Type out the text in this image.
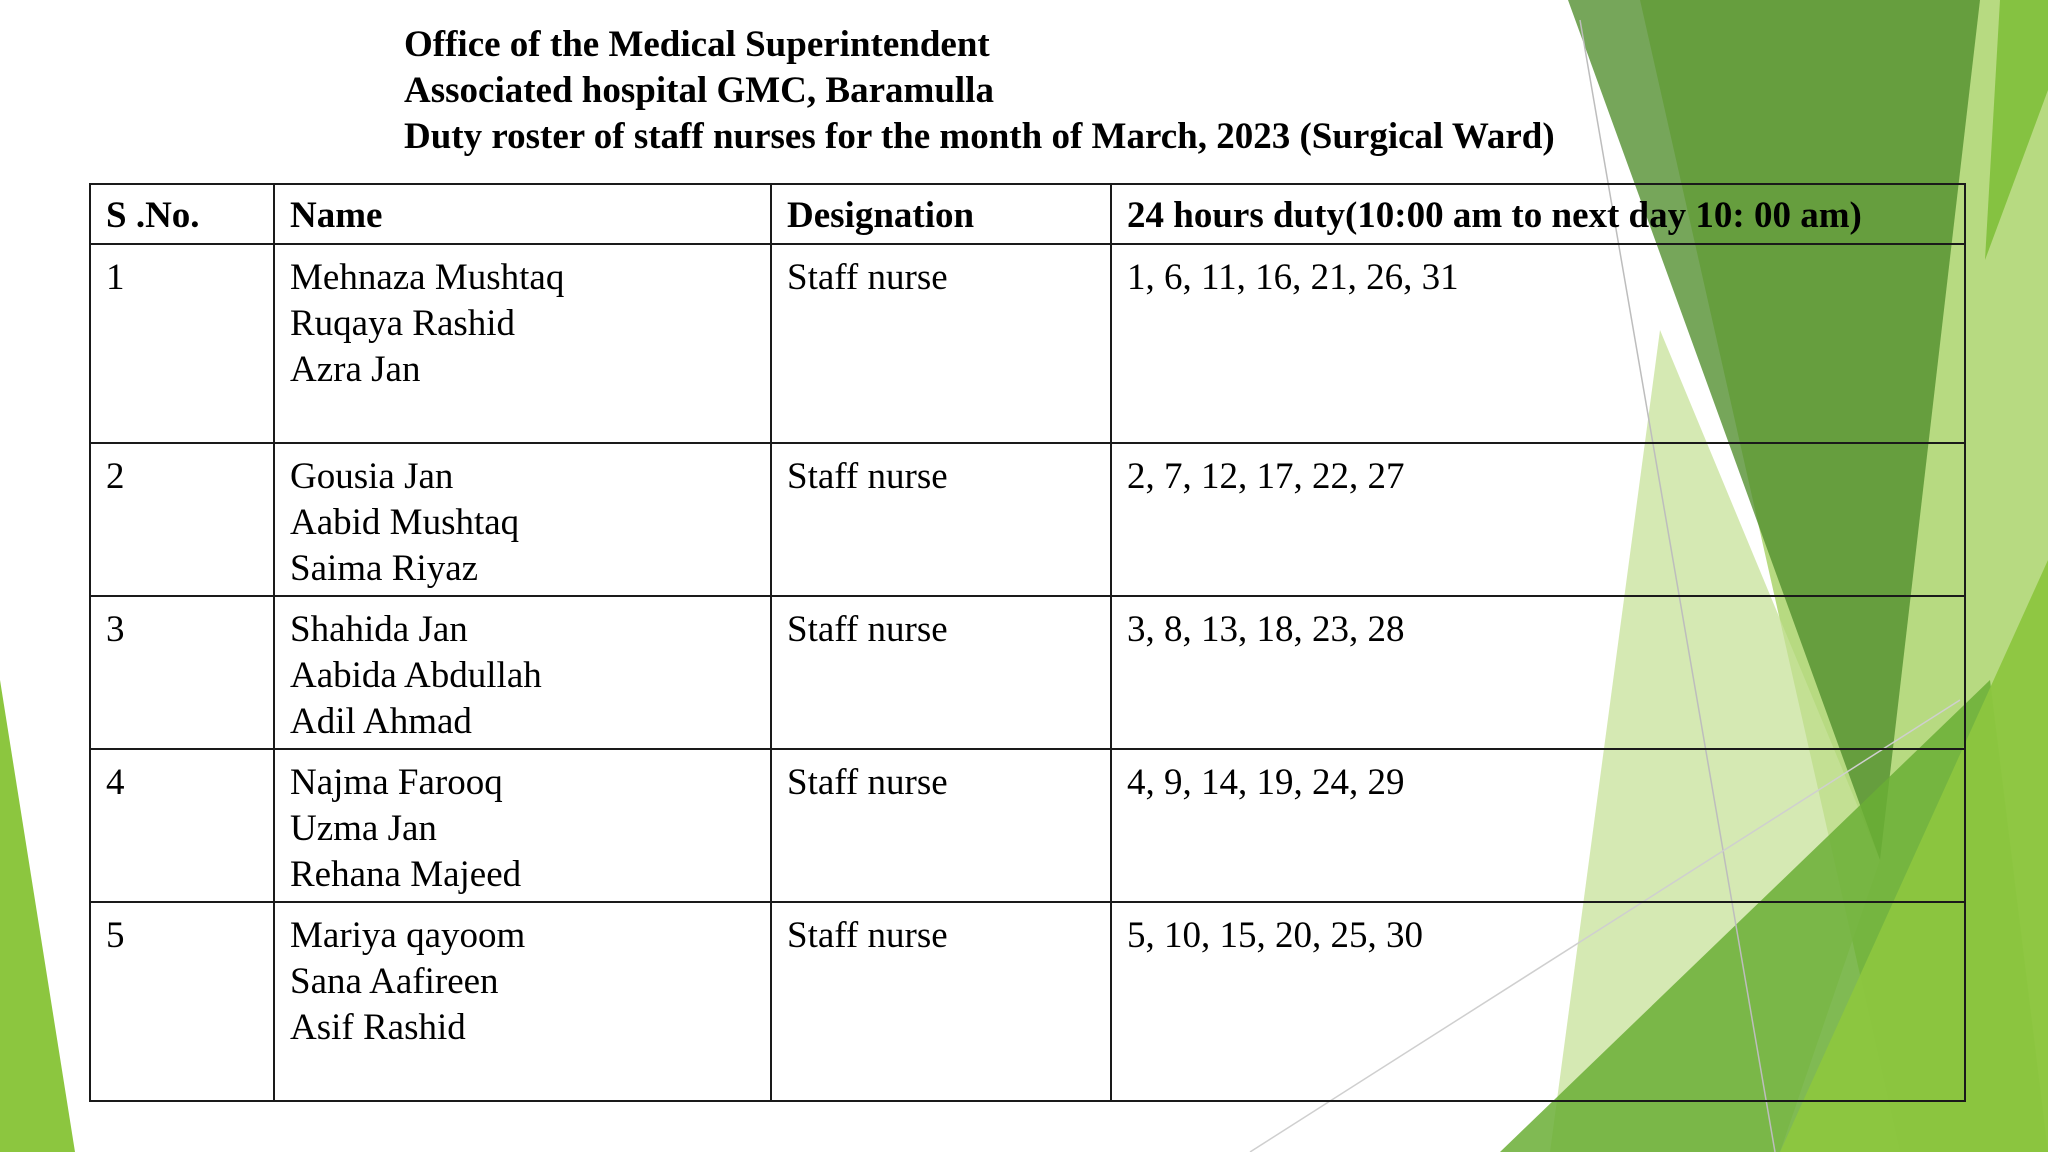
Office of the Medical Superintendent
Associated hospital GMC, Baramulla
Duty roster of staff nurses for the month of March, 2023 (Surgical Ward)
S .No.	Name	Designation	24 hours duty(10:00 am to next day 10: 00 am)
1	Mehnaza Mushtaq
Ruqaya Rashid
Azra Jan	Staff nurse	1, 6, 11, 16, 21, 26, 31
2	Gousia Jan
Aabid Mushtaq
Saima Riyaz	Staff nurse	2, 7, 12, 17, 22, 27
3	Shahida Jan
Aabida Abdullah
Adil Ahmad	Staff nurse	3, 8, 13, 18, 23, 28
4	Najma Farooq
Uzma Jan
Rehana Majeed	Staff nurse	4, 9, 14, 19, 24, 29
5	Mariya qayoom
Sana Aafireen
Asif Rashid	Staff nurse	5, 10, 15, 20, 25, 30
